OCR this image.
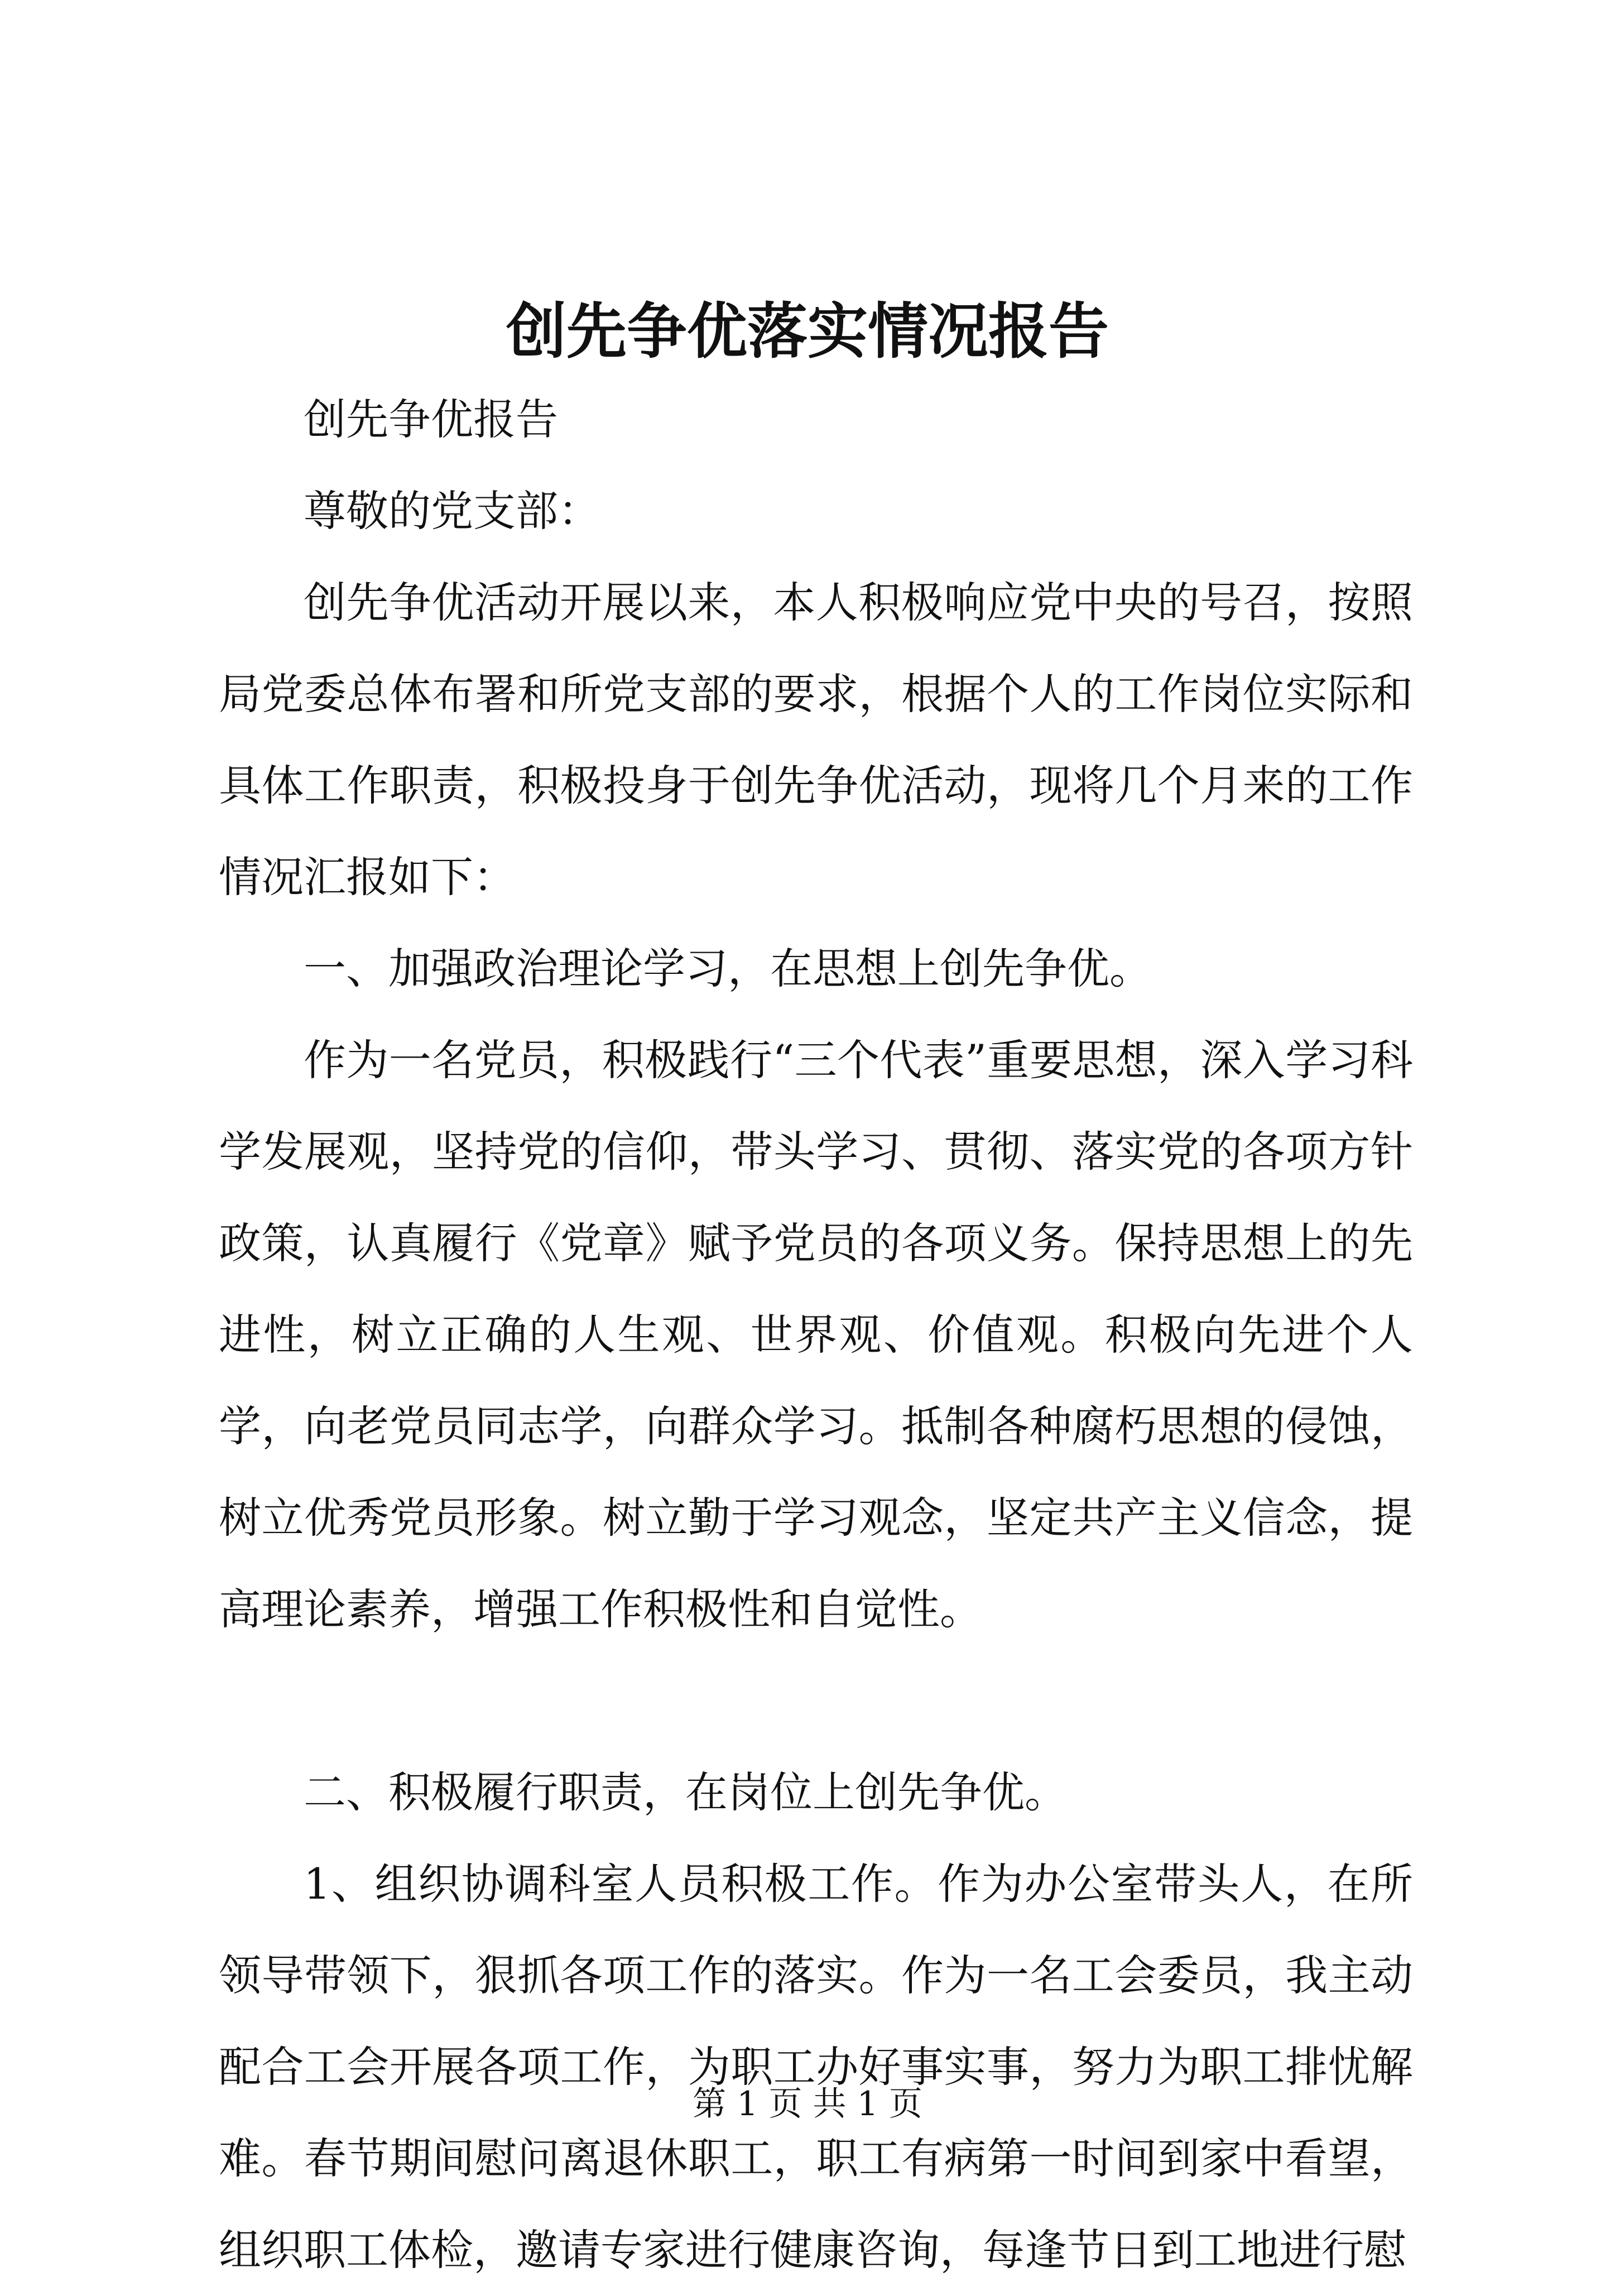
创先争优落实情况报告

创先争优报告

尊敬的党支部：

创先争优活动开展以来，本人积极响应党中央的号召，按照局党委总体布署和所党支部的要求，根据个人的工作岗位实际和具体工作职责，积极投身于创先争优活动，现将几个月来的工作情况汇报如下：

一、加强政治理论学习，在思想上创先争优。

作为一名党员，积极践行“三个代表”重要思想，深入学习科学发展观，坚持党的信仰，带头学习、贯彻、落实党的各项方针政策，认真履行《党章》赋予党员的各项义务。保持思想上的先进性，树立正确的人生观、世界观、价值观。积极向先进个人学，向老党员同志学，向群众学习。抵制各种腐朽思想的侵蚀，树立优秀党员形象。树立勤于学习观念，坚定共产主义信念，提高理论素养，增强工作积极性和自觉性。

二、积极履行职责，在岗位上创先争优。

1、组织协调科室人员积极工作。作为办公室带头人，在所领导带领下，狠抓各项工作的落实。作为一名工会委员，我主动配合工会开展各项工作，为职工办好事实事，努力为职工排忧解难。春节期间慰问离退休职工，职工有病第一时间到家中看望，组织职工体检，邀请专家进行健康咨询，每逢节日到工地进行慰

第 1 页 共 1 页
